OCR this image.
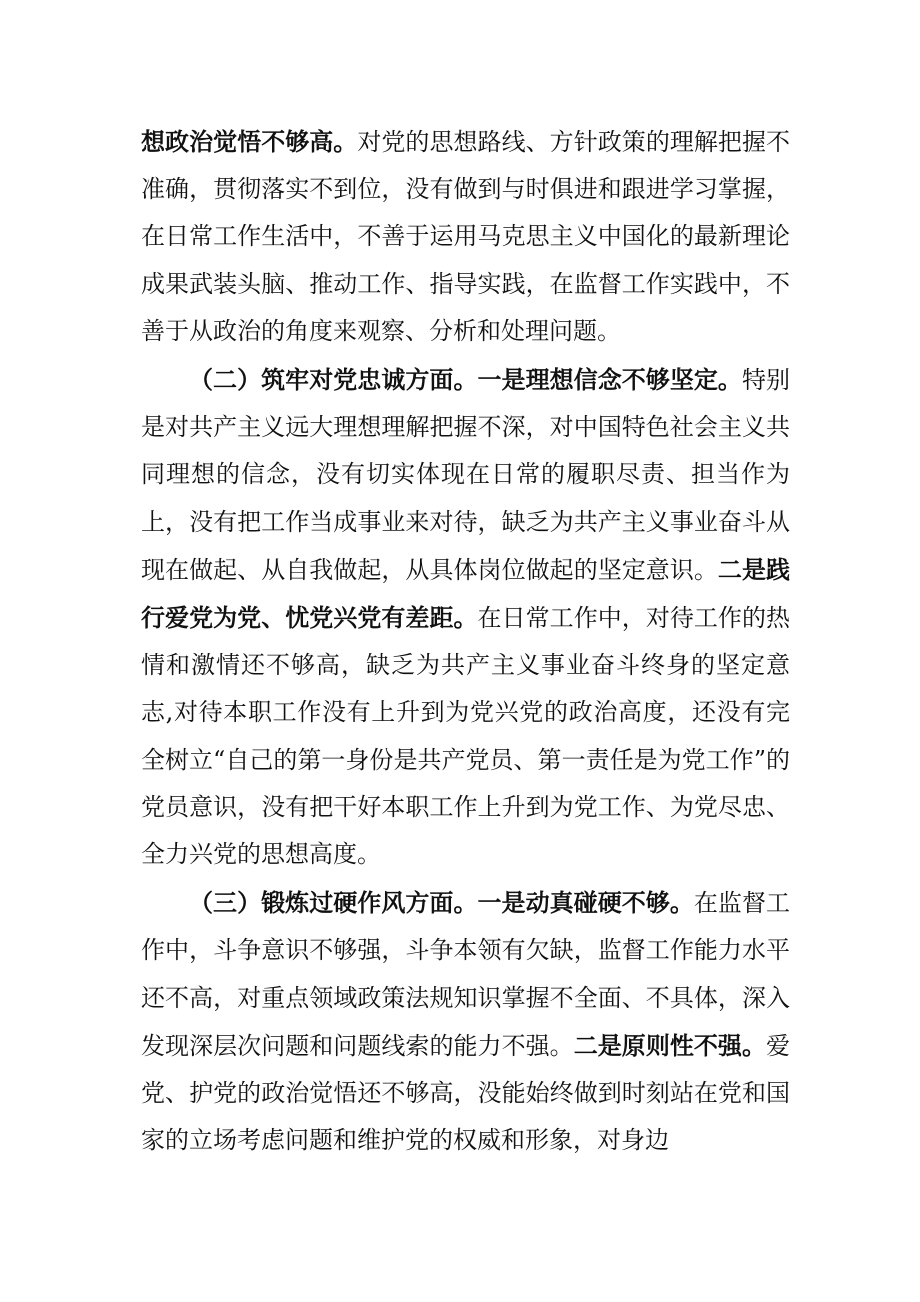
想政治觉悟不够高。对党的思想路线、方针政策的理解把握不准确，贯彻落实不到位，没有做到与时俱进和跟进学习掌握，在日常工作生活中，不善于运用马克思主义中国化的最新理论成果武装头脑、推动工作、指导实践，在监督工作实践中，不善于从政治的角度来观察、分析和处理问题。

（二）筑牢对党忠诚方面。一是理想信念不够坚定。特别是对共产主义远大理想理解把握不深，对中国特色社会主义共同理想的信念，没有切实体现在日常的履职尽责、担当作为上，没有把工作当成事业来对待，缺乏为共产主义事业奋斗从现在做起、从自我做起，从具体岗位做起的坚定意识。二是践行爱党为党、忧党兴党有差距。在日常工作中，对待工作的热情和激情还不够高，缺乏为共产主义事业奋斗终身的坚定意志,对待本职工作没有上升到为党兴党的政治高度，还没有完全树立“自己的第一身份是共产党员、第一责任是为党工作”的党员意识，没有把干好本职工作上升到为党工作、为党尽忠、全力兴党的思想高度。

（三）锻炼过硬作风方面。一是动真碰硬不够。在监督工作中，斗争意识不够强，斗争本领有欠缺，监督工作能力水平还不高，对重点领域政策法规知识掌握不全面、不具体，深入发现深层次问题和问题线索的能力不强。二是原则性不强。爱党、护党的政治觉悟还不够高，没能始终做到时刻站在党和国家的立场考虑问题和维护党的权威和形象，对身边
